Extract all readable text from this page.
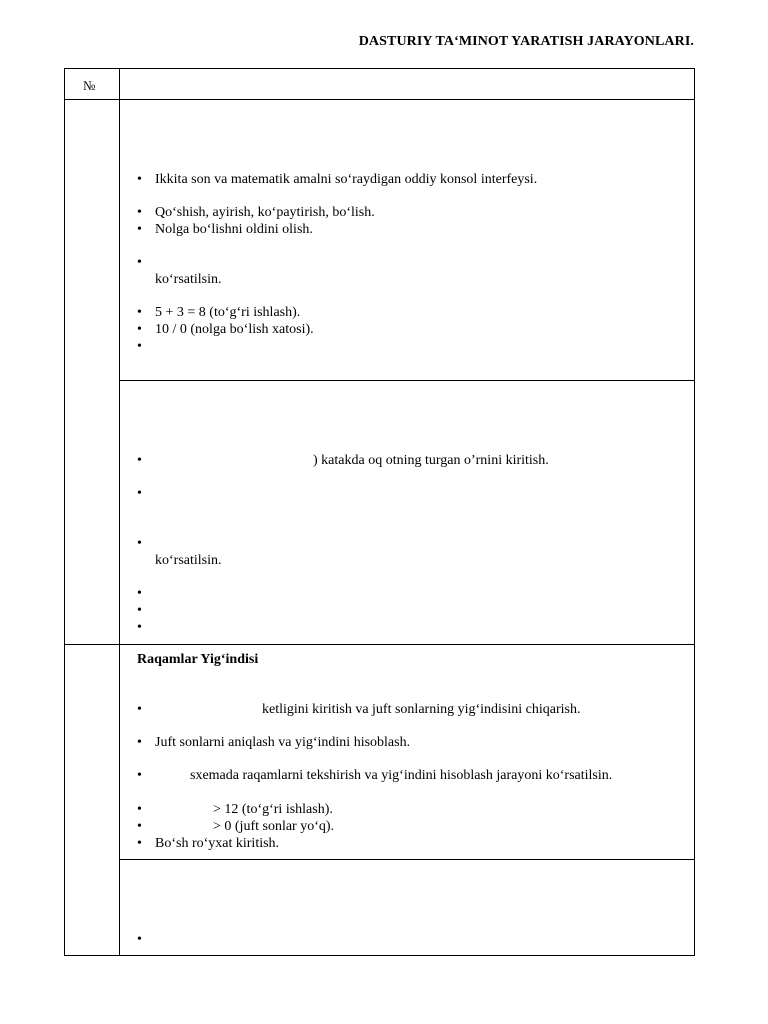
DASTURIY TA‘MINOT YARATISH JARAYONLARI.
№
• Ikkita son va matematik amalni so‘raydigan oddiy konsol interfeysi.
• Qo‘shish, ayirish, ko‘paytirish, bo‘lish.
• Nolga bo‘lishni oldini olish.
•
ko‘rsatilsin.
• 5 + 3 = 8 (to‘g‘ri ishlash).
• 10 / 0 (nolga bo‘lish xatosi).
•
•	) katakda oq otning turgan o’rnini kiritish.
•
•
ko‘rsatilsin.
•
•
•
Raqamlar Yig‘indisi
•	ketligini kiritish va juft sonlarning yig‘indisini chiqarish.
• Juft sonlarni aniqlash va yig‘indini hisoblash.
•	sxemada raqamlarni tekshirish va yig‘indini hisoblash jarayoni ko‘rsatilsin.
•	> 12 (to‘g‘ri ishlash).
•	> 0 (juft sonlar yo‘q).
• Bo‘sh ro‘yxat kiritish.
•
